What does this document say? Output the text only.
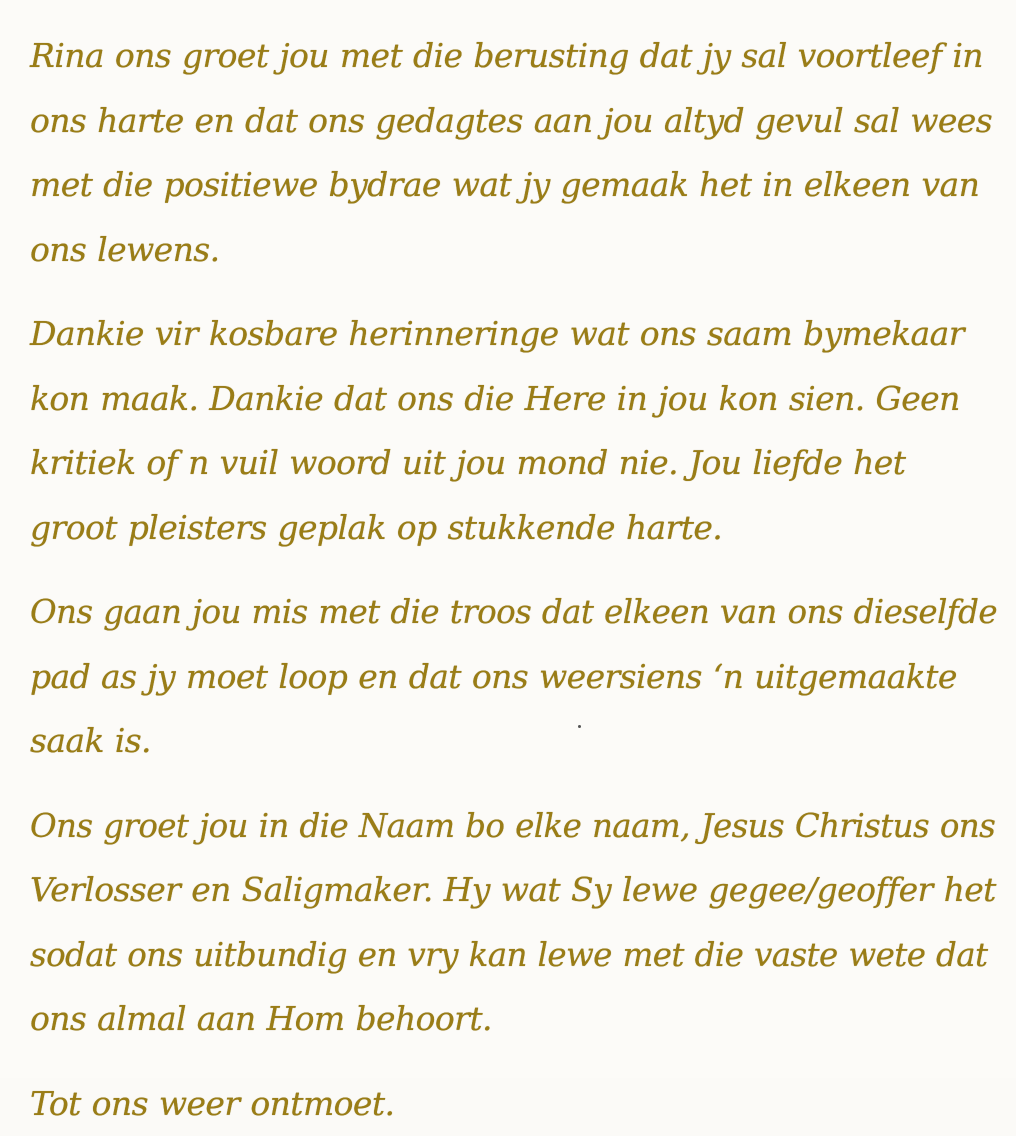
Rina ons groet jou met die berusting dat jy sal voortleef in
ons harte en dat ons gedagtes aan jou altyd gevul sal wees
met die positiewe bydrae wat jy gemaak het in elkeen van
ons lewens.
Dankie vir kosbare herinneringe wat ons saam bymekaar
kon maak. Dankie dat ons die Here in jou kon sien. Geen
kritiek of n vuil woord uit jou mond nie. Jou liefde het
groot pleisters geplak op stukkende harte.
Ons gaan jou mis met die troos dat elkeen van ons dieselfde
pad as jy moet loop en dat ons weersiens ‘n uitgemaakte
saak is.
Ons groet jou in die Naam bo elke naam, Jesus Christus ons
Verlosser en Saligmaker. Hy wat Sy lewe gegee/geoffer het
sodat ons uitbundig en vry kan lewe met die vaste wete dat
ons almal aan Hom behoort.
Tot ons weer ontmoet.
